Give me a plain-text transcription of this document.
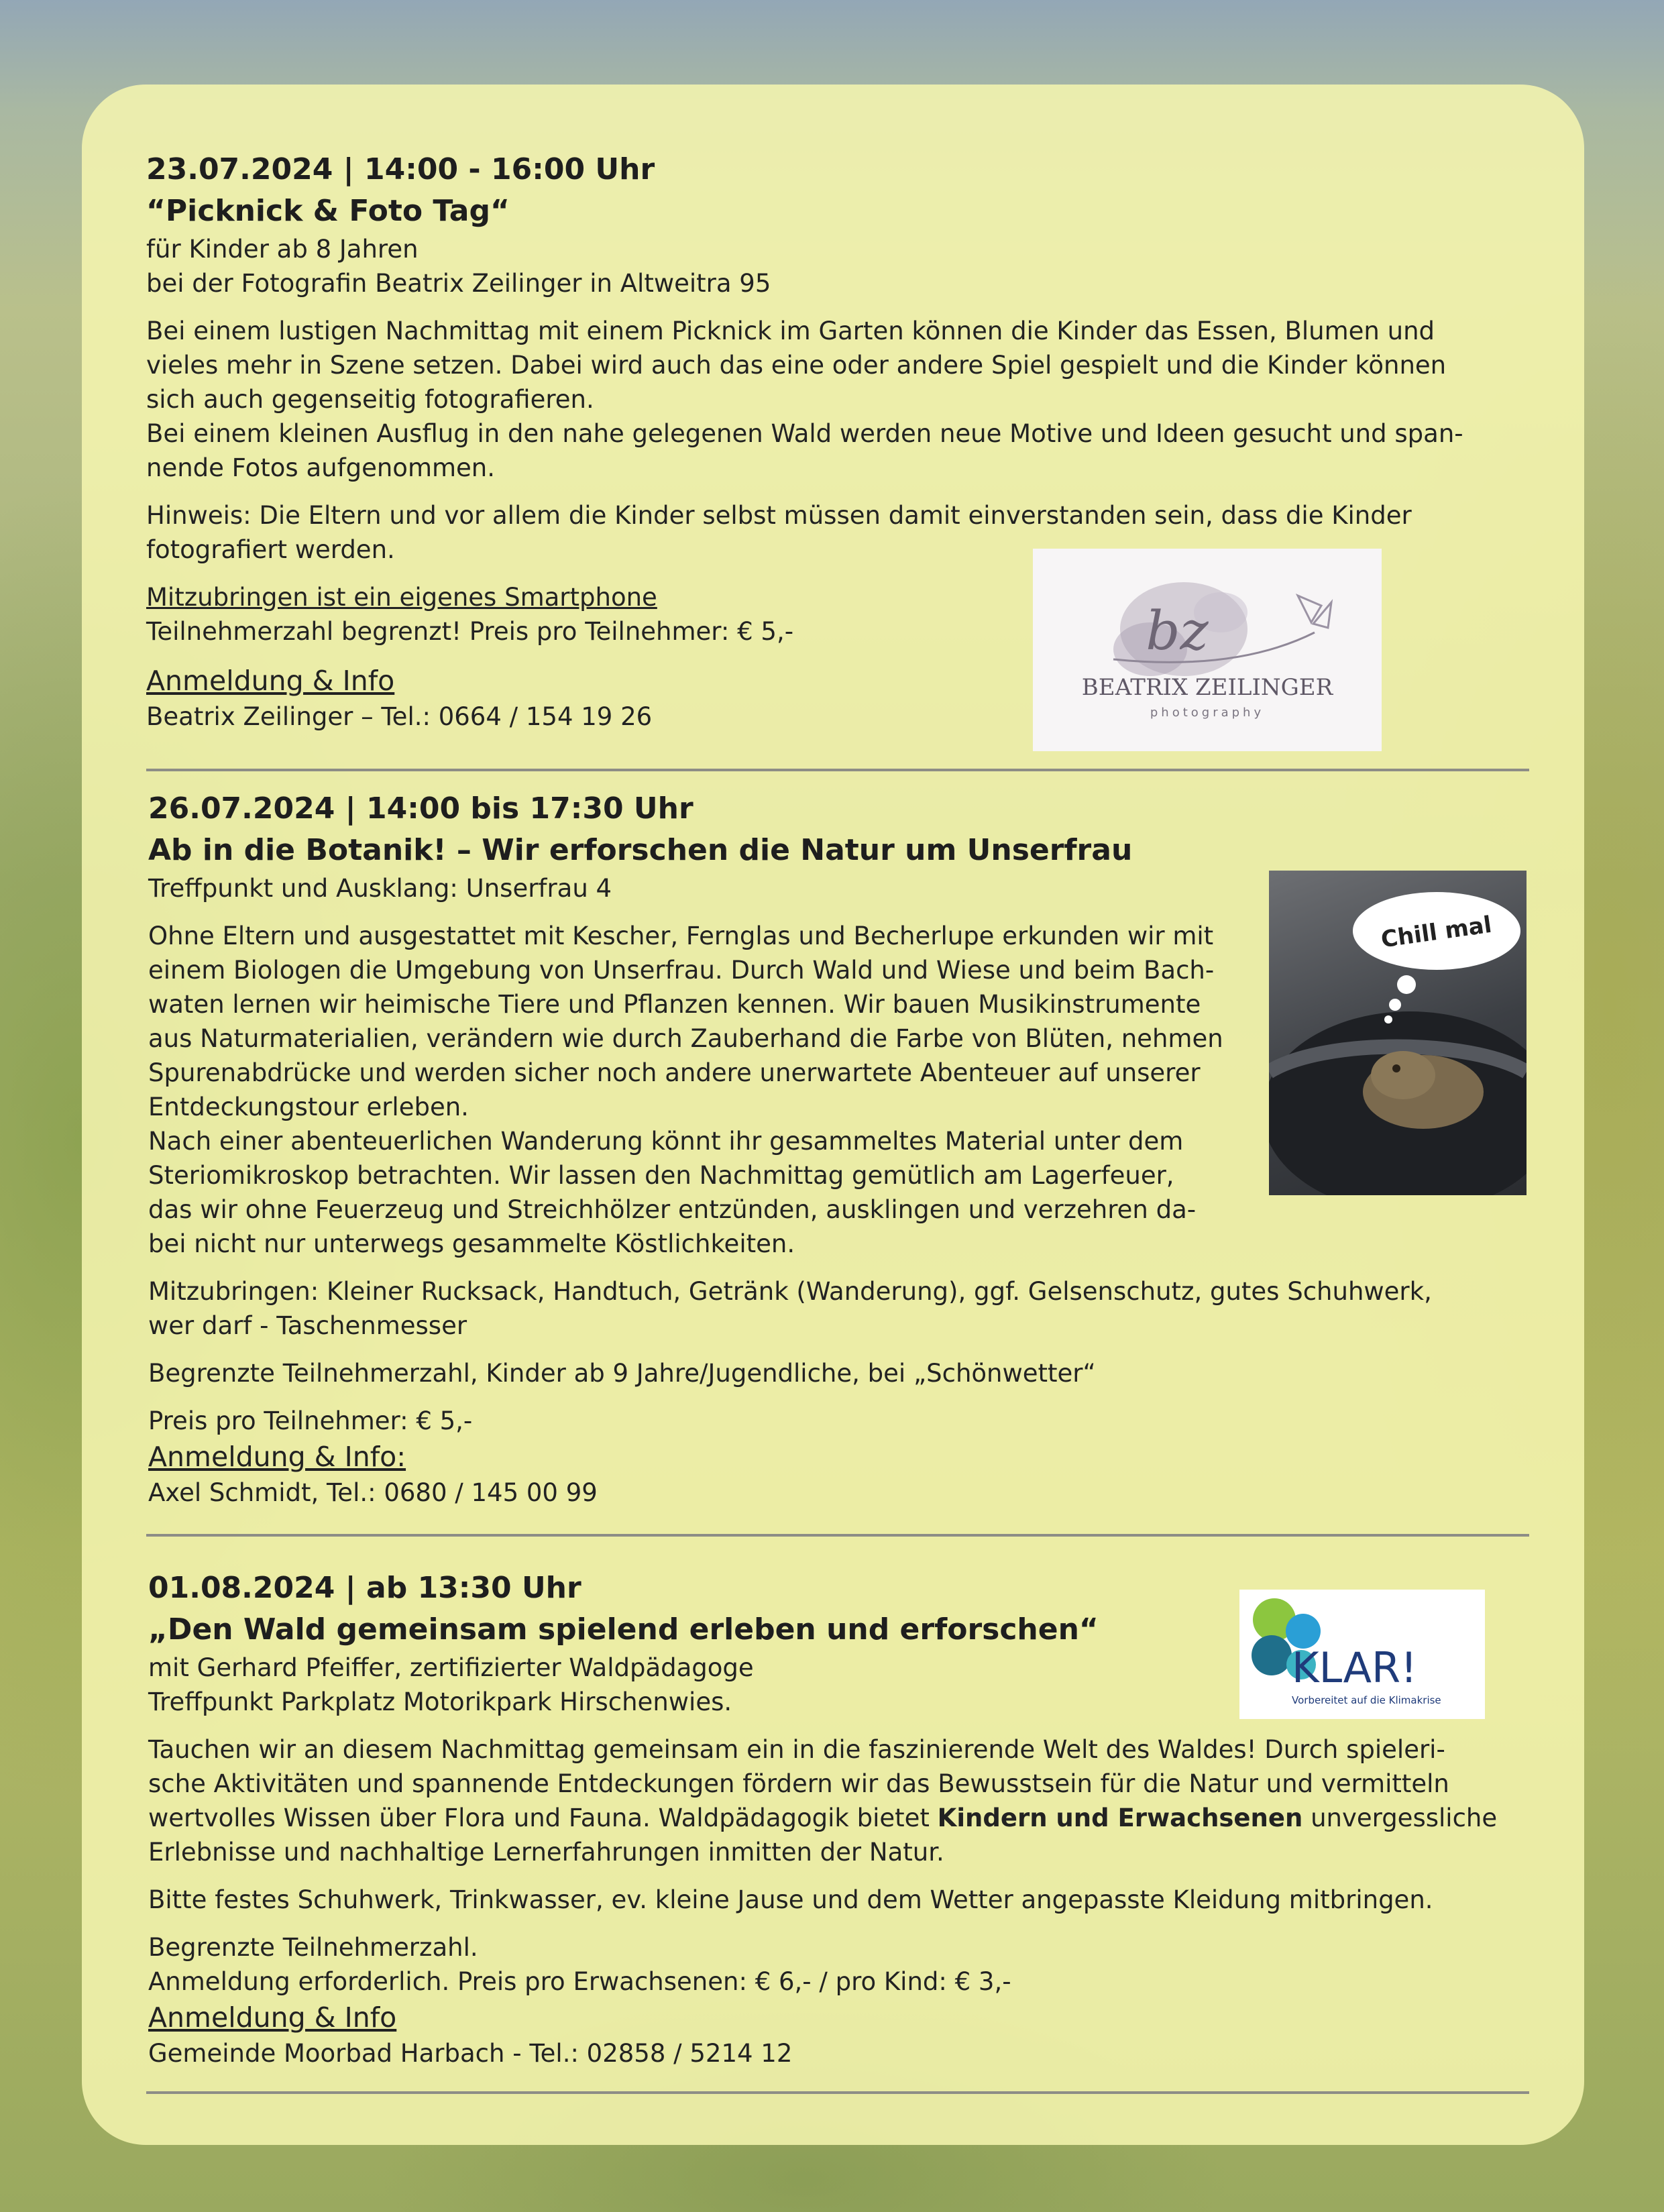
23.07.2024 | 14:00 - 16:00 Uhr
“Picknick & Foto Tag“

für Kinder ab 8 Jahren

bei der Fotografin Beatrix Zeilinger in Altweitra 95

Bei einem lustigen Nachmittag mit einem Picknick im Garten können die Kinder das Essen, Blumen und

vieles mehr in Szene setzen. Dabei wird auch das eine oder andere Spiel gespielt und die Kinder können

sich auch gegenseitig fotografieren.

Bei einem kleinen Ausflug in den nahe gelegenen Wald werden neue Motive und Ideen gesucht und span-

nende Fotos aufgenommen.

Hinweis: Die Eltern und vor allem die Kinder selbst müssen damit einverstanden sein, dass die Kinder

fotografiert werden.

Mitzubringen ist ein eigenes Smartphone

Teilnehmerzahl begrenzt! Preis pro Teilnehmer: € 5,-

Anmeldung & Info

Beatrix Zeilinger – Tel.: 0664 / 154 19 26

bz
BEATRIX ZEILINGER
photography
26.07.2024 | 14:00 bis 17:30 Uhr
Ab in die Botanik! – Wir erforschen die Natur um Unserfrau

Treffpunkt und Ausklang: Unserfrau 4

Ohne Eltern und ausgestattet mit Kescher, Fernglas und Becherlupe erkunden wir mit

einem Biologen die Umgebung von Unserfrau. Durch Wald und Wiese und beim Bach-

waten lernen wir heimische Tiere und Pflanzen kennen. Wir bauen Musikinstrumente

aus Naturmaterialien, verändern wie durch Zauberhand die Farbe von Blüten, nehmen

Spurenabdrücke und werden sicher noch andere unerwartete Abenteuer auf unserer

Entdeckungstour erleben.

Nach einer abenteuerlichen Wanderung könnt ihr gesammeltes Material unter dem

Steriomikroskop betrachten. Wir lassen den Nachmittag gemütlich am Lagerfeuer,

das wir ohne Feuerzeug und Streichhölzer entzünden, ausklingen und verzehren da-

bei nicht nur unterwegs gesammelte Köstlichkeiten.

Mitzubringen: Kleiner Rucksack, Handtuch, Getränk (Wanderung), ggf. Gelsenschutz, gutes Schuhwerk,

wer darf - Taschenmesser

Begrenzte Teilnehmerzahl, Kinder ab 9 Jahre/Jugendliche, bei „Schönwetter“

Preis pro Teilnehmer: € 5,-

Anmeldung & Info:

Axel Schmidt, Tel.: 0680 / 145 00 99

Chill mal
01.08.2024 | ab 13:30 Uhr
„Den Wald gemeinsam spielend erleben und erforschen“

mit Gerhard Pfeiffer, zertifizierter Waldpädagoge

Treffpunkt Parkplatz Motorikpark Hirschenwies.

Tauchen wir an diesem Nachmittag gemeinsam ein in die faszinierende Welt des Waldes! Durch spieleri-

sche Aktivitäten und spannende Entdeckungen fördern wir das Bewusstsein für die Natur und vermitteln

wertvolles Wissen über Flora und Fauna. Waldpädagogik bietet Kindern und Erwachsenen unvergessliche

Erlebnisse und nachhaltige Lernerfahrungen inmitten der Natur.

Bitte festes Schuhwerk, Trinkwasser, ev. kleine Jause und dem Wetter angepasste Kleidung mitbringen.

Begrenzte Teilnehmerzahl.

Anmeldung erforderlich. Preis pro Erwachsenen: € 6,- / pro Kind: € 3,-

Anmeldung & Info

Gemeinde Moorbad Harbach - Tel.: 02858 / 5214 12

KLAR!
Vorbereitet auf die Klimakrise
